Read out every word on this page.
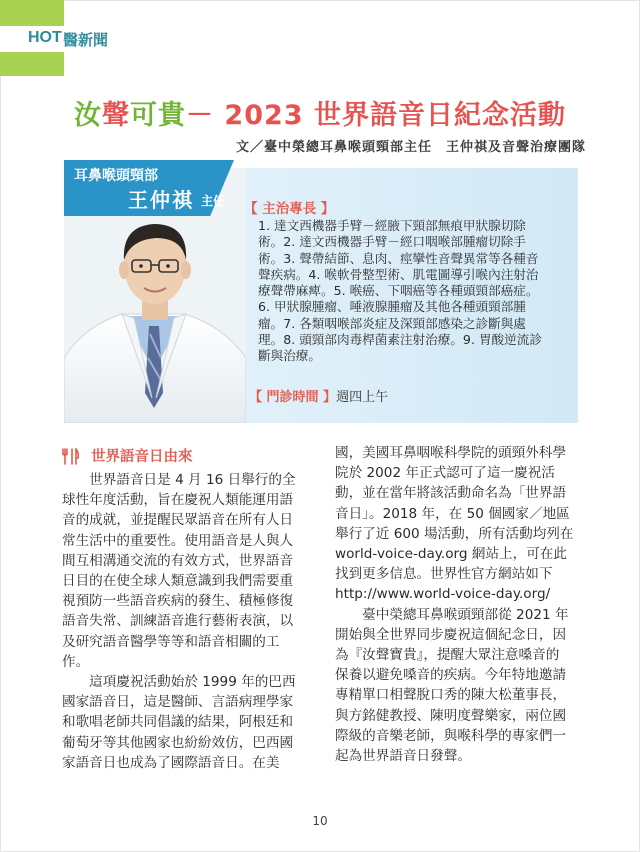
HOT 醫新聞
汝聲可貴－ 2023 世界語音日紀念活動
文／臺中榮總耳鼻喉頭頸部主任　王仲祺及音聲治療團隊
耳鼻喉頭頸部
王仲祺 主任 【 主治專長 】
1. 達文西機器手臂－經腋下頸部無痕甲狀腺切除
術。2. 達文西機器手臂－經口咽喉部腫瘤切除手
術。3. 聲帶結節、息肉、痙攣性音聲異常等各種音
聲疾病。4. 喉軟骨整型術、肌電圖導引喉內注射治
療聲帶麻痺。5. 喉癌、下咽癌等各種頭頸部癌症。
6. 甲狀腺腫瘤、唾液腺腫瘤及其他各種頭頸部腫
瘤。7. 各類咽喉部炎症及深頸部感染之診斷與處
理。8. 頭頸部肉毒桿菌素注射治療。9. 胃酸逆流診
斷與治療。
【 門診時間 】週四上午
世界語音日由來
　　世界語音日是 4 月 16 日舉行的全
球性年度活動，旨在慶祝人類能運用語
音的成就，並提醒民眾語音在所有人日
常生活中的重要性。使用語音是人與人
間互相溝通交流的有效方式，世界語音
日目的在使全球人類意識到我們需要重
視預防一些語音疾病的發生、積極修復
語音失常、訓練語音進行藝術表演，以
及研究語音醫學等等和語音相關的工
作。
　　這項慶祝活動始於 1999 年的巴西
國家語音日，這是醫師、言語病理學家
和歌唱老師共同倡議的結果，阿根廷和
葡萄牙等其他國家也紛紛效仿，巴西國
家語音日也成為了國際語音日。在美
國，美國耳鼻咽喉科學院的頭頸外科學
院於 2002 年正式認可了這一慶祝活
動，並在當年將該活動命名為「世界語
音日」。2018 年，在 50 個國家／地區
舉行了近 600 場活動，所有活動均列在
world-voice-day.org 網站上，可在此
找到更多信息。世界性官方網站如下
http://www.world-voice-day.org/
　　臺中榮總耳鼻喉頭頸部從 2021 年
開始與全世界同步慶祝這個紀念日，因
為『汝聲寶貴』，提醒大眾注意嗓音的
保養以避免嗓音的疾病。今年特地邀請
專精單口相聲脫口秀的陳大松董事長，
與方銘健教授、陳明度聲樂家，兩位國
際級的音樂老師，與喉科學的專家們一
起為世界語音日發聲。
10
